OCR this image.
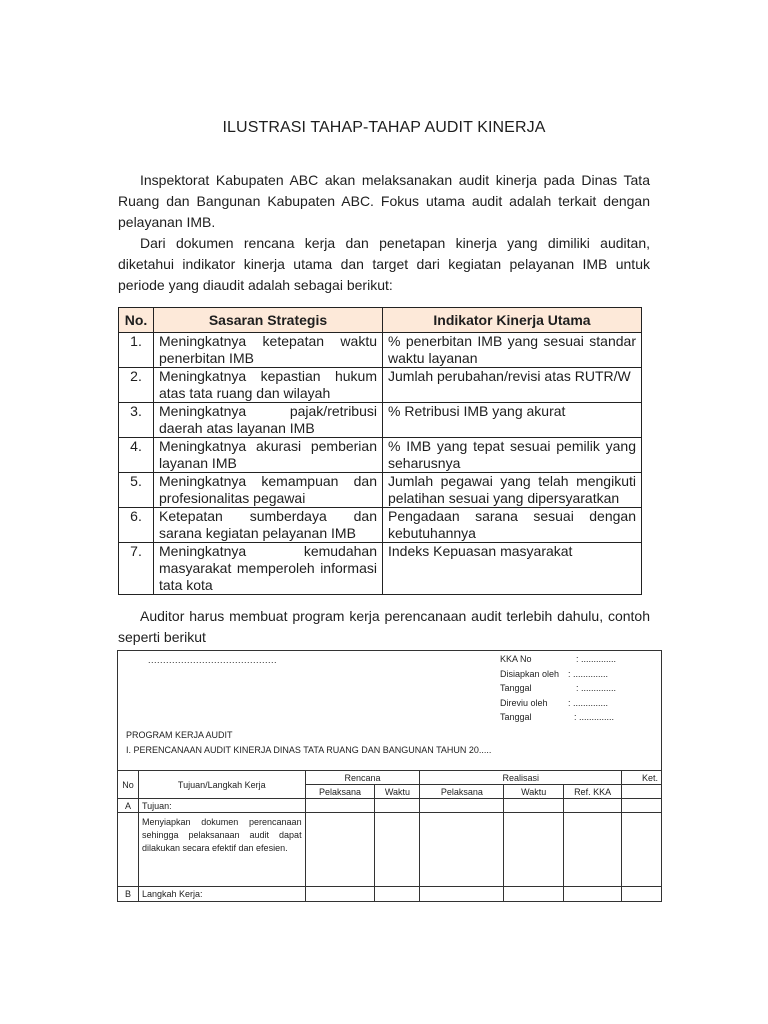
ILUSTRASI TAHAP-TAHAP AUDIT KINERJA

Inspektorat Kabupaten ABC akan melaksanakan audit kinerja pada Dinas Tata Ruang dan Bangunan Kabupaten ABC. Fokus utama audit adalah terkait dengan pelayanan IMB.

Dari dokumen rencana kerja dan penetapan kinerja yang dimiliki auditan, diketahui indikator kinerja utama dan target dari kegiatan pelayanan IMB untuk periode yang diaudit adalah sebagai berikut:

No.	Sasaran Strategis	Indikator Kinerja Utama
1.	Meningkatnya ketepatan waktu penerbitan IMB	% penerbitan IMB yang sesuai standar waktu layanan
2.	Meningkatnya kepastian hukum atas tata ruang dan wilayah	Jumlah perubahan/revisi atas RUTR/W
3.	Meningkatnya pajak/retribusi daerah atas layanan IMB	% Retribusi IMB yang akurat
4.	Meningkatnya akurasi pemberian layanan IMB	% IMB yang tepat sesuai pemilik yang seharusnya
5.	Meningkatnya kemampuan dan profesionalitas pegawai	Jumlah pegawai yang telah mengikuti pelatihan sesuai yang dipersyaratkan
6.	Ketepatan sumberdaya dan sarana kegiatan pelayanan IMB	Pengadaan sarana sesuai dengan kebutuhannya
7.	Meningkatnya kemudahan masyarakat memperoleh informasi tata kota	Indeks Kepuasan masyarakat

Auditor harus membuat program kerja perencanaan audit terlebih dahulu, contoh seperti berikut

...........................................	KKA No	: ..............
Disiapkan oleh : ..............
Tanggal	: ..............
Direviu oleh : ..............
Tanggal	: ..............
PROGRAM KERJA AUDIT
I. PERENCANAAN AUDIT KINERJA DINAS TATA RUANG DAN BANGUNAN TAHUN 20.....
No	Tujuan/Langkah Kerja	Rencana		Realisasi			Ket.
		Pelaksana	Waktu	Pelaksana	Waktu	Ref. KKA	
A	Tujuan:						
	Menyiapkan dokumen perencanaan sehingga pelaksanaan audit dapat dilakukan secara efektif dan efesien.						
B	Langkah Kerja:						
